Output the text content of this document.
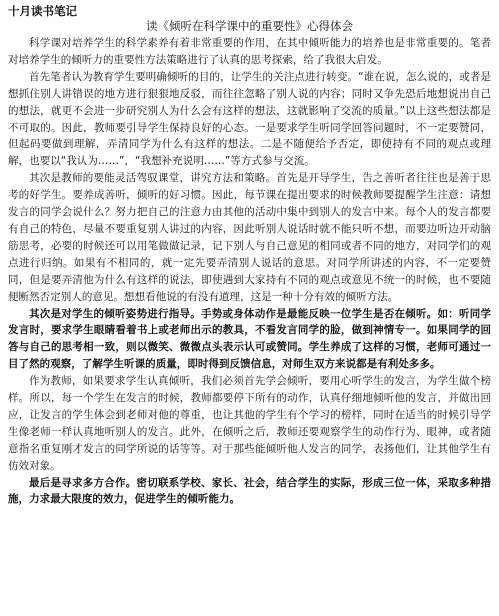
十月读书笔记
读《倾听在科学课中的重要性》心得体会

科学课对培养学生的科学素养有着非常重要的作用，在其中倾听能力的培养也是非常重要的。笔者对培养学生的倾听力的重要性方法策略进行了认真的思考探索，给了我很大启发。

首先笔者认为教育学生要明确倾听的目的，让学生的关注点进行转变。“谁在说，怎么说的，或者是想抓住别人讲错误的地方进行狠狠地反驳，而往往忽略了别人说的内容；同时又争先恐后地想说出自己的想法，就更不会进一步研究别人为什么会有这样的想法，这就影响了交流的质量。”以上这些想法都是不可取的。因此，教师要引导学生保持良好的心态。一是要求学生听同学回答问题时，不一定要赞同，但起码要做到理解，弄清同学为什么有这样的想法。二是不随便给予否定，即使持有不同的观点或理解，也要以“我认为……”，“我想补充说明……”等方式参与交流。

其次是教师的要能灵活驾驭课堂，讲究方法和策略。首先是开导学生，告之善听者往往也是善于思考的好学生。要养成善听，倾听的好习惯。因此，每节课在提出要求的时候教师要提醒学生注意：请想发言的同学会说什么？努力把自己的注意力由其他的活动中集中到别人的发言中来。每个人的发言都要有自己的特色，尽量不要重复别人讲过的内容，因此听别人说话时就不能只听不想，而要边听边开动脑筋思考，必要的时候还可以用笔做做记录，记下别人与自己意见的相同或者不同的地方，对同学们的观点进行归纳。如果有不相同的，就一定先要弄清别人说话的意思。对同学所讲述的内容，不一定要赞同，但是要弄清他为什么有这样的说法，即使遇到大家持有不同的观点或意见不统一的时候，也不要随便断然否定别人的意见。想想看他说的有没有道理，这是一种十分有效的倾听方法。

其次是对学生的倾听姿势进行指导。手势或身体动作是最能反映一位学生是否在倾听。如：听同学发言时，要求学生眼睛看着书上或老师出示的教具，不看发言同学的脸，做到神情专一。如果同学的回答与自己的思考相一致，则以微笑、微微点头表示认可或赞同。学生养成了这样的习惯，老师可通过一目了然的观察，了解学生听课的质量，即时得到反馈信息，对师生双方来说都是有利处多多。

作为教师，如果要求学生认真倾听，我们必须首先学会倾听，要用心听学生的发言，为学生做个榜样。所以，每一个学生在发言的时候，教师都要停下所有的动作，认真仔细地倾听他的发言，并做出回应，让发言的学生体会到老师对他的尊重，也让其他的学生有个学习的榜样，同时在适当的时候引导学生像老师一样认真地听别人的发言。此外，在倾听之后，教师还要观察学生的动作行为、眼神，或者随意指名重复刚才发言的同学所说的话等等。对于那些能倾听他人发言的同学，表扬他们，让其他学生有仿效对象。

最后是寻求多方合作。密切联系学校、家长、社会，结合学生的实际，形成三位一体，采取多种措施，力求最大限度的效力，促进学生的倾听能力。
